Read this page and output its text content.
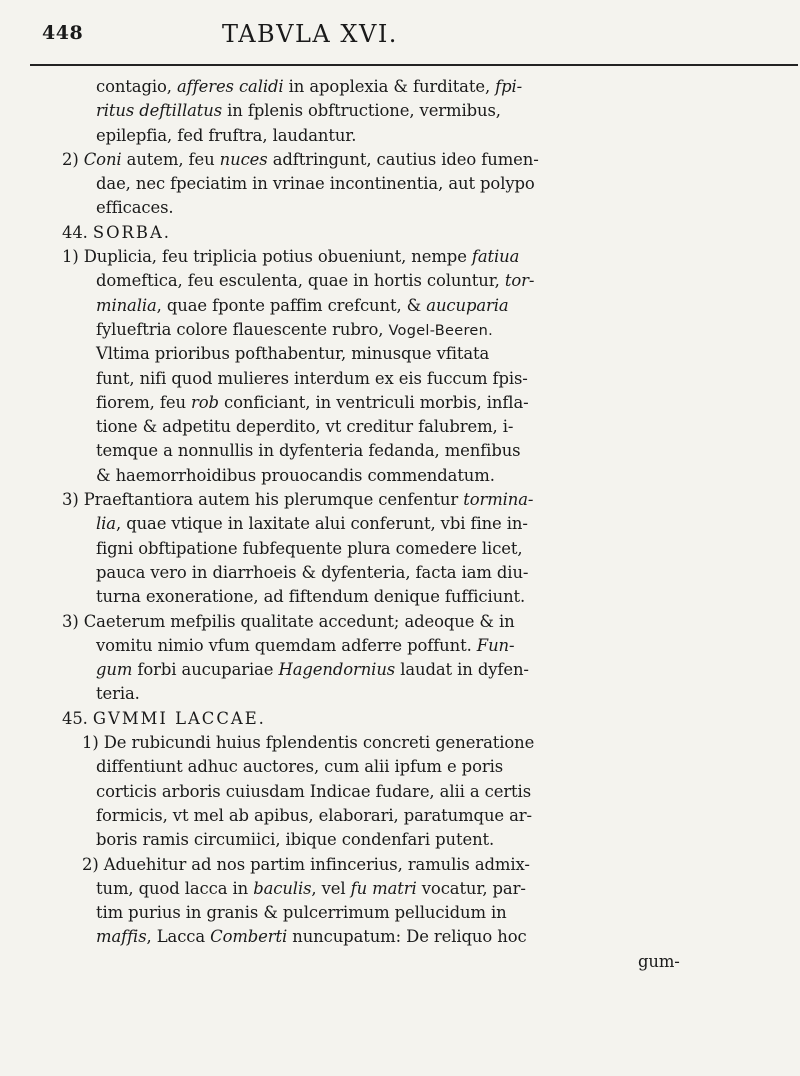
448	TABVLA XVI.
contagio, afferes calidi in apoplexia & furditate, fpi-
ritus deftillatus in fplenis obftructione, vermibus,
epilepfia, fed fruftra, laudantur.
2) Coni autem, feu nuces adftringunt, cautius ideo fumen-
dae, nec fpeciatim in vrinae incontinentia, aut polypo
efficaces.
44. SORBA.
1) Duplicia, feu triplicia potius obueniunt, nempe fatiua
domeftica, feu esculenta, quae in hortis coluntur, tor-
minalia, quae fponte paffim crefcunt, & aucuparia
fylueftria colore flauescente rubro, Vogel-Beeren.
Vltima prioribus pofthabentur, minusque vfitata
funt, nifi quod mulieres interdum ex eis fuccum fpis-
fiorem, feu rob conficiant, in ventriculi morbis, infla-
tione & adpetitu deperdito, vt creditur falubrem, i-
temque a nonnullis in dyfenteria fedanda, menfibus
& haemorrhoidibus prouocandis commendatum.
3) Praeftantiora autem his plerumque cenfentur tormina-
lia, quae vtique in laxitate alui conferunt, vbi fine in-
figni obftipatione fubfequente plura comedere licet,
pauca vero in diarrhoeis & dyfenteria, facta iam diu-
turna exoneratione, ad fiftendum denique fufficiunt.
3) Caeterum mefpilis qualitate accedunt; adeoque & in
vomitu nimio vfum quemdam adferre poffunt. Fun-
gum forbi aucupariae Hagendornius laudat in dyfen-
teria.
45. GVMMI LACCAE.
1) De rubicundi huius fplendentis concreti generatione
diffentiunt adhuc auctores, cum alii ipfum e poris
corticis arboris cuiusdam Indicae fudare, alii a certis
formicis, vt mel ab apibus, elaborari, paratumque ar-
boris ramis circumiici, ibique condenfari putent.
2) Aduehitur ad nos partim infincerius, ramulis admix-
tum, quod lacca in baculis, vel fu matri vocatur, par-
tim purius in granis & pulcerrimum pellucidum in
maffis, Lacca Comberti nuncupatum: De reliquo hoc
gum-
